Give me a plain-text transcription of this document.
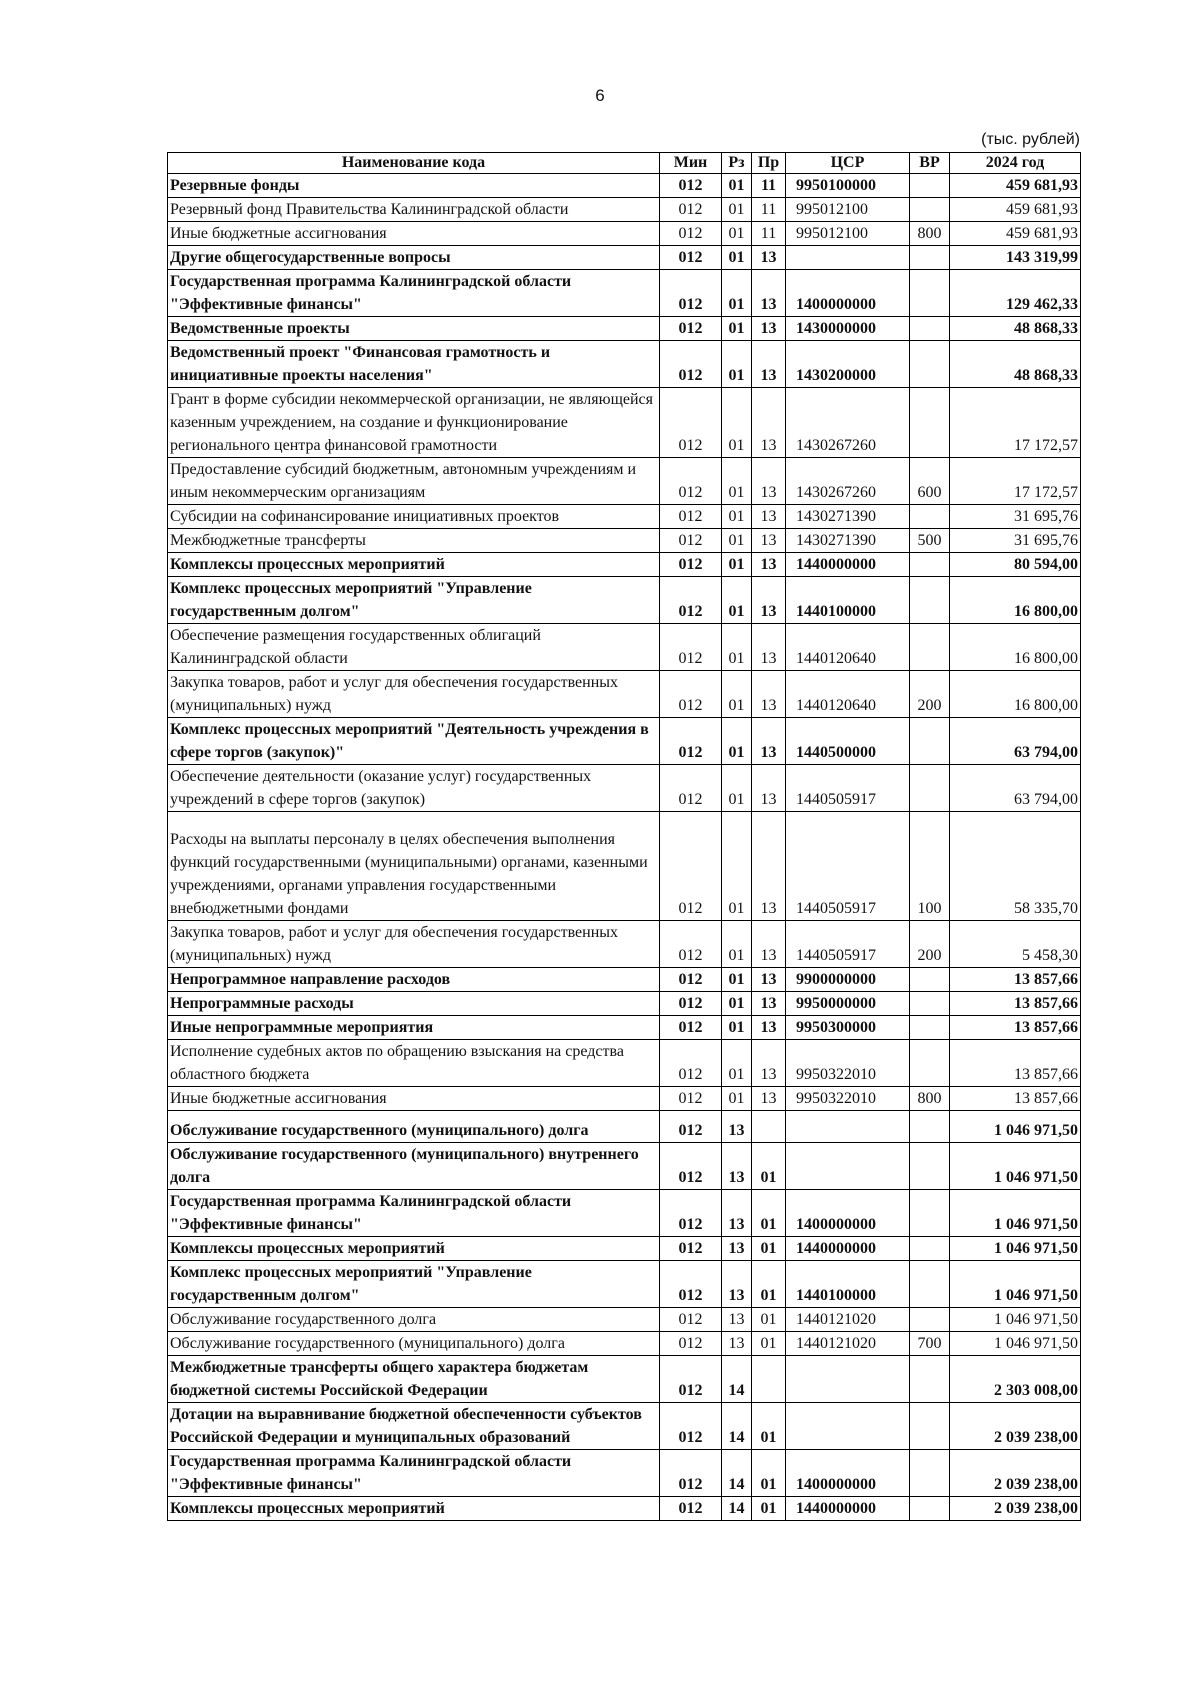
6
(тыс. рублей)
Наименование кода	Мин	Рз	Пр	ЦСР	ВР	2024 год
Резервные фонды	012	01	11	9950100000		459 681,93
Резервный фонд Правительства Калининградской области	012	01	11	995012100		459 681,93
Иные бюджетные ассигнования	012	01	11	995012100	800	459 681,93
Другие общегосударственные вопросы	012	01	13			143 319,99
Государственная программа Калининградской области "Эффективные финансы"	012	01	13	1400000000		129 462,33
Ведомственные проекты	012	01	13	1430000000		48 868,33
Ведомственный проект "Финансовая грамотность и инициативные проекты населения"	012	01	13	1430200000		48 868,33
Грант в форме субсидии некоммерческой организации, не являющейся казенным учреждением, на создание и функционирование регионального центра финансовой грамотности	012	01	13	1430267260		17 172,57
Предоставление субсидий бюджетным, автономным учреждениям и иным некоммерческим организациям	012	01	13	1430267260	600	17 172,57
Субсидии на софинансирование инициативных проектов	012	01	13	1430271390		31 695,76
Межбюджетные трансферты	012	01	13	1430271390	500	31 695,76
Комплексы процессных мероприятий	012	01	13	1440000000		80 594,00
Комплекс процессных мероприятий "Управление государственным долгом"	012	01	13	1440100000		16 800,00
Обеспечение размещения государственных облигаций Калининградской области	012	01	13	1440120640		16 800,00
Закупка товаров, работ и услуг для обеспечения государственных (муниципальных) нужд	012	01	13	1440120640	200	16 800,00
Комплекс процессных мероприятий "Деятельность учреждения в сфере торгов (закупок)"	012	01	13	1440500000		63 794,00
Обеспечение деятельности (оказание услуг) государственных учреждений в сфере торгов (закупок)	012	01	13	1440505917		63 794,00
Расходы на выплаты персоналу в целях обеспечения выполнения функций государственными (муниципальными) органами, казенными учреждениями, органами управления государственными внебюджетными фондами	012	01	13	1440505917	100	58 335,70
Закупка товаров, работ и услуг для обеспечения государственных (муниципальных) нужд	012	01	13	1440505917	200	5 458,30
Непрограммное направление расходов	012	01	13	9900000000		13 857,66
Непрограммные расходы	012	01	13	9950000000		13 857,66
Иные непрограммные мероприятия	012	01	13	9950300000		13 857,66
Исполнение судебных актов по обращению взыскания на средства областного бюджета	012	01	13	9950322010		13 857,66
Иные бюджетные ассигнования	012	01	13	9950322010	800	13 857,66
Обслуживание государственного (муниципального) долга	012	13				1 046 971,50
Обслуживание государственного (муниципального) внутреннего долга	012	13	01			1 046 971,50
Государственная программа Калининградской области "Эффективные финансы"	012	13	01	1400000000		1 046 971,50
Комплексы процессных мероприятий	012	13	01	1440000000		1 046 971,50
Комплекс процессных мероприятий "Управление государственным долгом"	012	13	01	1440100000		1 046 971,50
Обслуживание государственного долга	012	13	01	1440121020		1 046 971,50
Обслуживание государственного (муниципального) долга	012	13	01	1440121020	700	1 046 971,50
Межбюджетные трансферты общего характера бюджетам бюджетной системы Российской Федерации	012	14				2 303 008,00
Дотации на выравнивание бюджетной обеспеченности субъектов Российской Федерации и муниципальных образований	012	14	01			2 039 238,00
Государственная программа Калининградской области "Эффективные финансы"	012	14	01	1400000000		2 039 238,00
Комплексы процессных мероприятий	012	14	01	1440000000		2 039 238,00
